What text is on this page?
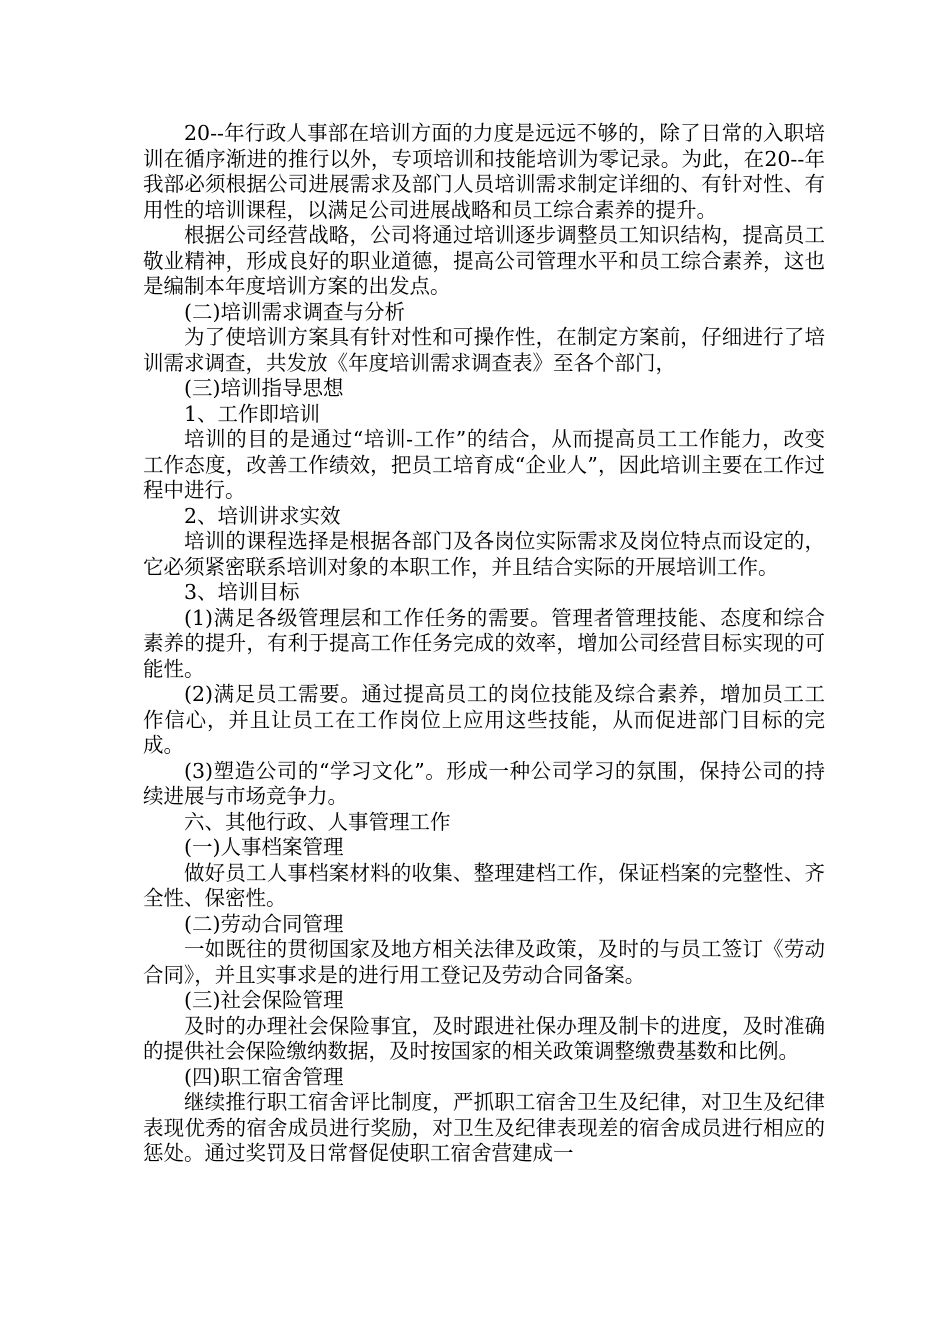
20--年行政人事部在培训方面的力度是远远不够的，除了日常的入职培训在循序渐进的推行以外，专项培训和技能培训为零记录。为此，在20--年我部必须根据公司进展需求及部门人员培训需求制定详细的、有针对性、有用性的培训课程，以满足公司进展战略和员工综合素养的提升。

根据公司经营战略，公司将通过培训逐步调整员工知识结构，提高员工敬业精神，形成良好的职业道德，提高公司管理水平和员工综合素养，这也是编制本年度培训方案的出发点。

(二)培训需求调查与分析

为了使培训方案具有针对性和可操作性，在制定方案前，仔细进行了培训需求调查，共发放《年度培训需求调查表》至各个部门，

(三)培训指导思想

1、工作即培训

培训的目的是通过“培训-工作”的结合，从而提高员工工作能力，改变工作态度，改善工作绩效，把员工培育成“企业人”，因此培训主要在工作过程中进行。

2、培训讲求实效

培训的课程选择是根据各部门及各岗位实际需求及岗位特点而设定的，它必须紧密联系培训对象的本职工作，并且结合实际的开展培训工作。

3、培训目标

(1)满足各级管理层和工作任务的需要。管理者管理技能、态度和综合素养的提升，有利于提高工作任务完成的效率，增加公司经营目标实现的可能性。

(2)满足员工需要。通过提高员工的岗位技能及综合素养，增加员工工作信心，并且让员工在工作岗位上应用这些技能，从而促进部门目标的完成。

(3)塑造公司的“学习文化”。形成一种公司学习的氛围，保持公司的持续进展与市场竞争力。

六、其他行政、人事管理工作

(一)人事档案管理

做好员工人事档案材料的收集、整理建档工作，保证档案的完整性、齐全性、保密性。

(二)劳动合同管理

一如既往的贯彻国家及地方相关法律及政策，及时的与员工签订《劳动合同》，并且实事求是的进行用工登记及劳动合同备案。

(三)社会保险管理

及时的办理社会保险事宜，及时跟进社保办理及制卡的进度，及时准确的提供社会保险缴纳数据，及时按国家的相关政策调整缴费基数和比例。

(四)职工宿舍管理

继续推行职工宿舍评比制度，严抓职工宿舍卫生及纪律，对卫生及纪律表现优秀的宿舍成员进行奖励，对卫生及纪律表现差的宿舍成员进行相应的惩处。通过奖罚及日常督促使职工宿舍营建成一
